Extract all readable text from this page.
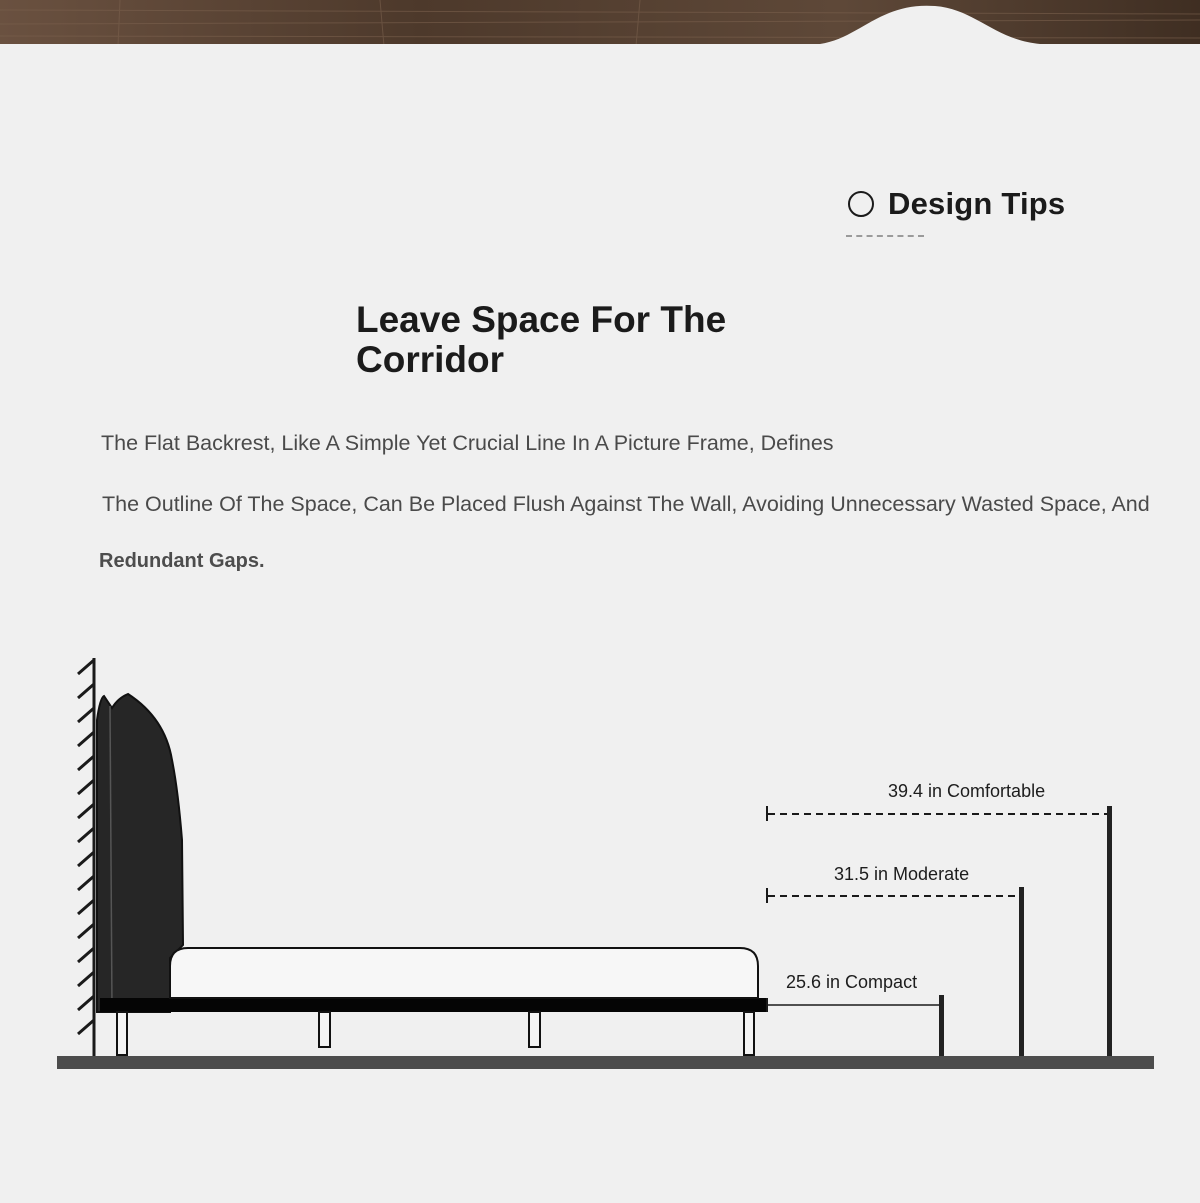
Design Tips
Leave Space For The
Corridor
The Flat Backrest, Like A Simple Yet Crucial Line In A Picture Frame, Defines
The Outline Of The Space, Can Be Placed Flush Against The Wall, Avoiding Unnecessary Wasted Space, And
Redundant Gaps.
39.4 in Comfortable
31.5 in Moderate
25.6 in Compact
